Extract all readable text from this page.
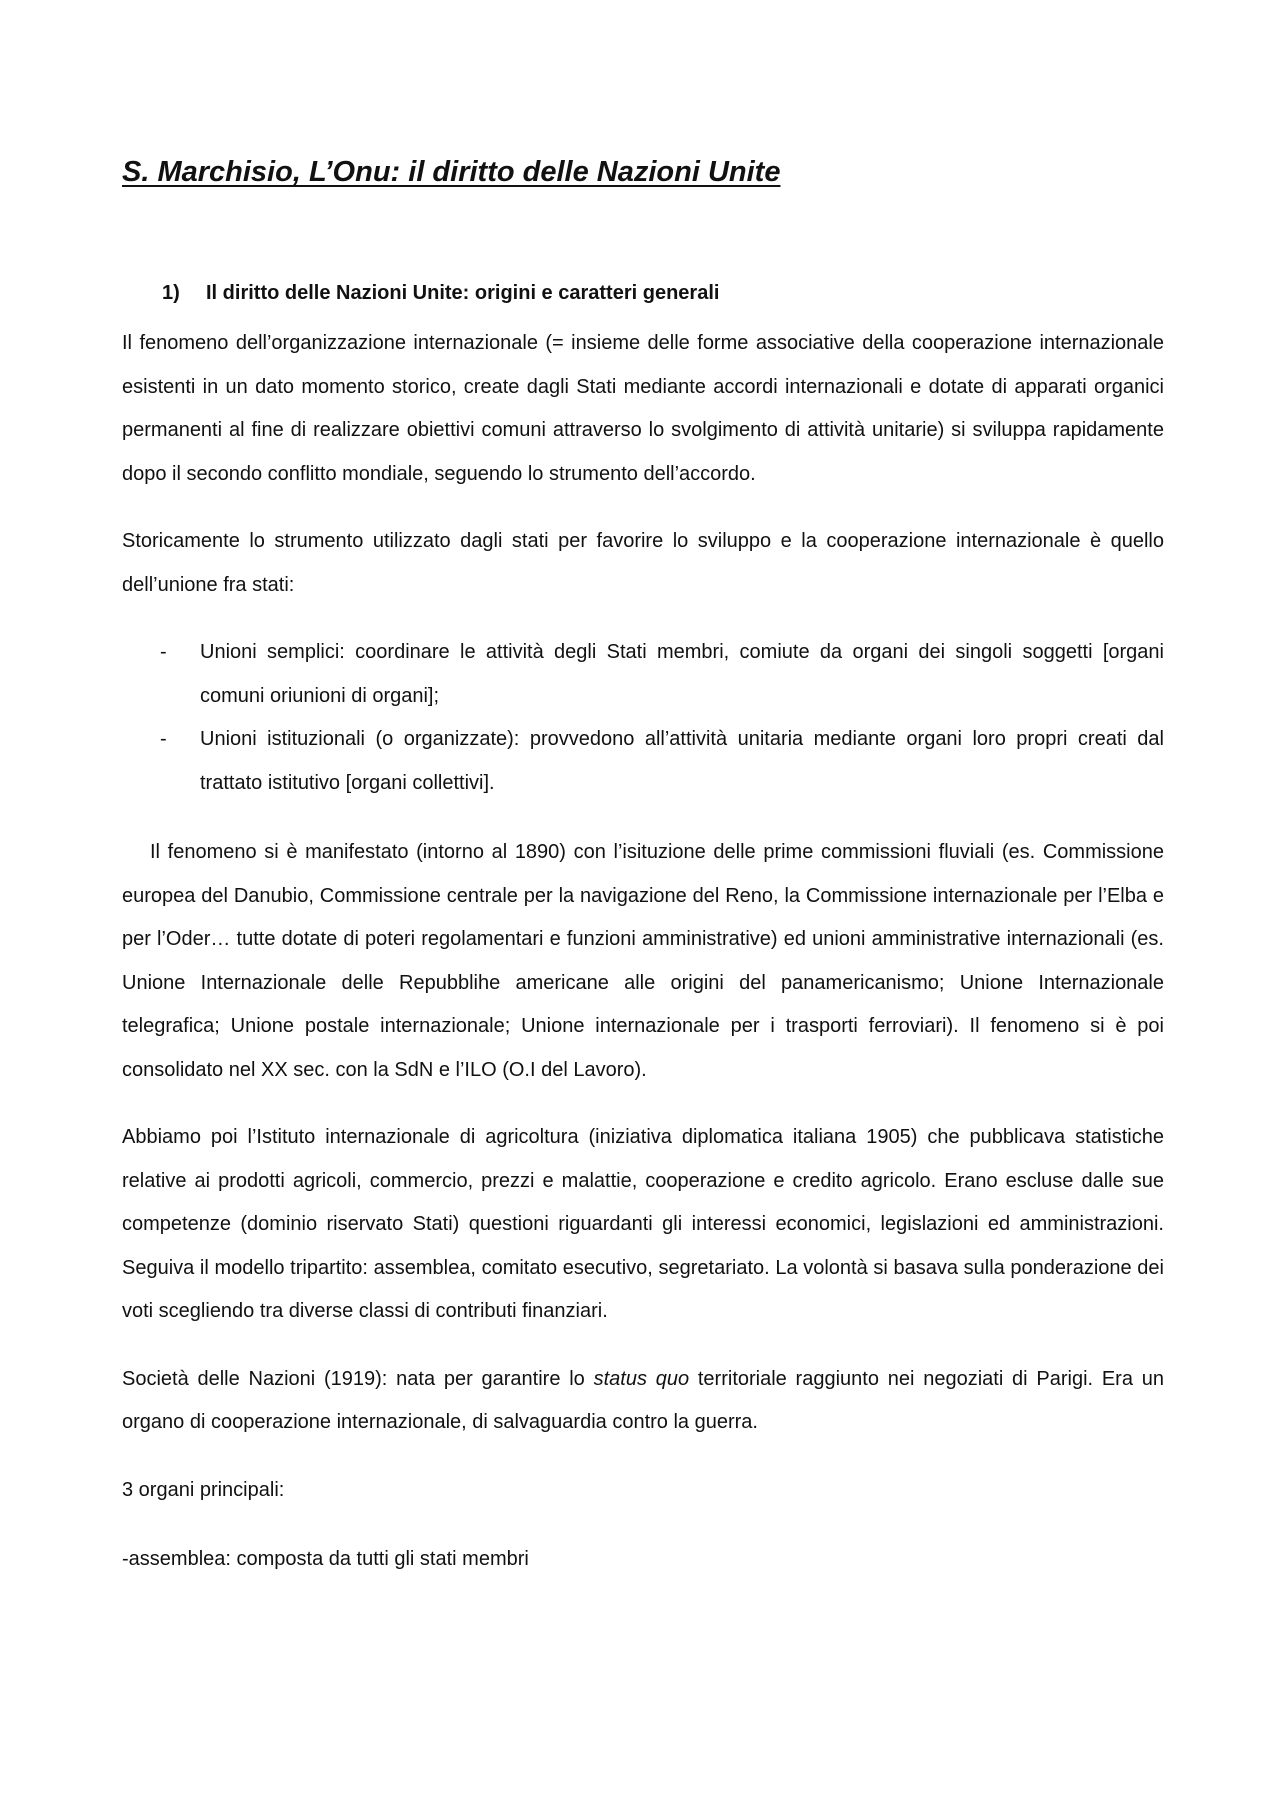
S. Marchisio, L’Onu: il diritto delle Nazioni Unite
1)	Il diritto delle Nazioni Unite: origini e caratteri generali

Il fenomeno dell’organizzazione internazionale (= insieme delle forme associative della cooperazione internazionale esistenti in un dato momento storico, create dagli Stati mediante accordi internazionali e dotate di apparati organici permanenti al fine di realizzare obiettivi comuni attraverso lo svolgimento di attività unitarie) si sviluppa rapidamente dopo il secondo conflitto mondiale, seguendo lo strumento dell’accordo.

Storicamente lo strumento utilizzato dagli stati per favorire lo sviluppo e la cooperazione internazionale è quello dell’unione fra stati:

- Unioni semplici: coordinare le attività degli Stati membri, comiute da organi dei singoli soggetti [organi comuni oriunioni di organi];
- Unioni istituzionali (o organizzate): provvedono all’attività unitaria mediante organi loro propri creati dal trattato istitutivo [organi collettivi].

Il fenomeno si è manifestato (intorno al 1890) con l’isituzione delle prime commissioni fluviali (es. Commissione europea del Danubio, Commissione centrale per la navigazione del Reno, la Commissione internazionale per l’Elba e per l’Oder… tutte dotate di poteri regolamentari e funzioni amministrative) ed unioni amministrative internazionali (es. Unione Internazionale delle Repubblihe americane alle origini del panamericanismo; Unione Internazionale telegrafica; Unione postale internazionale; Unione internazionale per i trasporti ferroviari). Il fenomeno si è poi consolidato nel XX sec. con la SdN e l’ILO (O.I del Lavoro).

Abbiamo poi l’Istituto internazionale di agricoltura (iniziativa diplomatica italiana 1905) che pubblicava statistiche relative ai prodotti agricoli, commercio, prezzi e malattie, cooperazione e credito agricolo. Erano escluse dalle sue competenze (dominio riservato Stati) questioni riguardanti gli interessi economici, legislazioni ed amministrazioni. Seguiva il modello tripartito: assemblea, comitato esecutivo, segretariato. La volontà si basava sulla ponderazione dei voti scegliendo tra diverse classi di contributi finanziari.

Società delle Nazioni (1919): nata per garantire lo status quo territoriale raggiunto nei negoziati di Parigi. Era un organo di cooperazione internazionale, di salvaguardia contro la guerra.

3 organi principali:

-assemblea: composta da tutti gli stati membri
